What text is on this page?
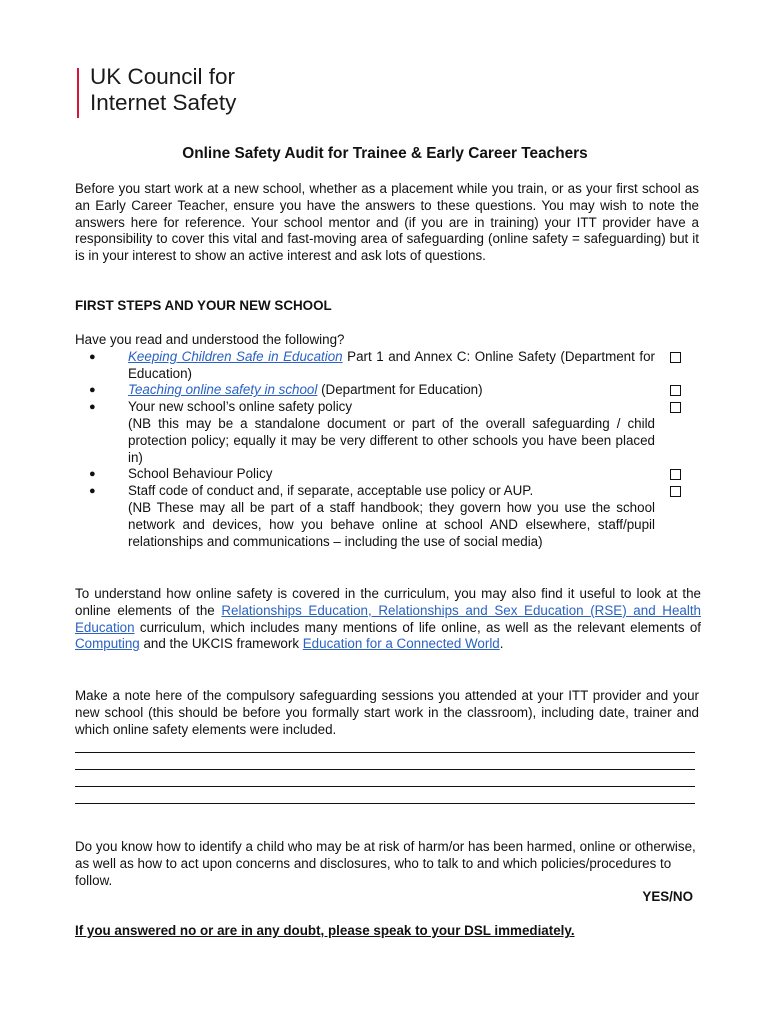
UK Council for
Internet Safety
Online Safety Audit for Trainee & Early Career Teachers

Before you start work at a new school, whether as a placement while you train, or as your first school as an Early Career Teacher, ensure you have the answers to these questions. You may wish to note the answers here for reference. Your school mentor and (if you are in training) your ITT provider have a responsibility to cover this vital and fast-moving area of safeguarding (online safety = safeguarding) but it is in your interest to show an active interest and ask lots of questions.

FIRST STEPS AND YOUR NEW SCHOOL
Have you read and understood the following?
● Keeping Children Safe in Education Part 1 and Annex C: Online Safety (Department for Education)
● Teaching online safety in school (Department for Education)
● Your new school’s online safety policy
(NB this may be a standalone document or part of the overall safeguarding / child protection policy; equally it may be very different to other schools you have been placed in)
● School Behaviour Policy
● Staff code of conduct and, if separate, acceptable use policy or AUP.
(NB These may all be part of a staff handbook; they govern how you use the school network and devices, how you behave online at school AND elsewhere, staff/pupil relationships and communications – including the use of social media)

To understand how online safety is covered in the curriculum, you may also find it useful to look at the online elements of the Relationships Education, Relationships and Sex Education (RSE) and Health Education curriculum, which includes many mentions of life online, as well as the relevant elements of Computing and the UKCIS framework Education for a Connected World.

Make a note here of the compulsory safeguarding sessions you attended at your ITT provider and your new school (this should be before you formally start work in the classroom), including date, trainer and which online safety elements were included.

Do you know how to identify a child who may be at risk of harm/or has been harmed, online or otherwise, as well as how to act upon concerns and disclosures, who to talk to and which policies/procedures to follow.

YES/NO
If you answered no or are in any doubt, please speak to your DSL immediately.
